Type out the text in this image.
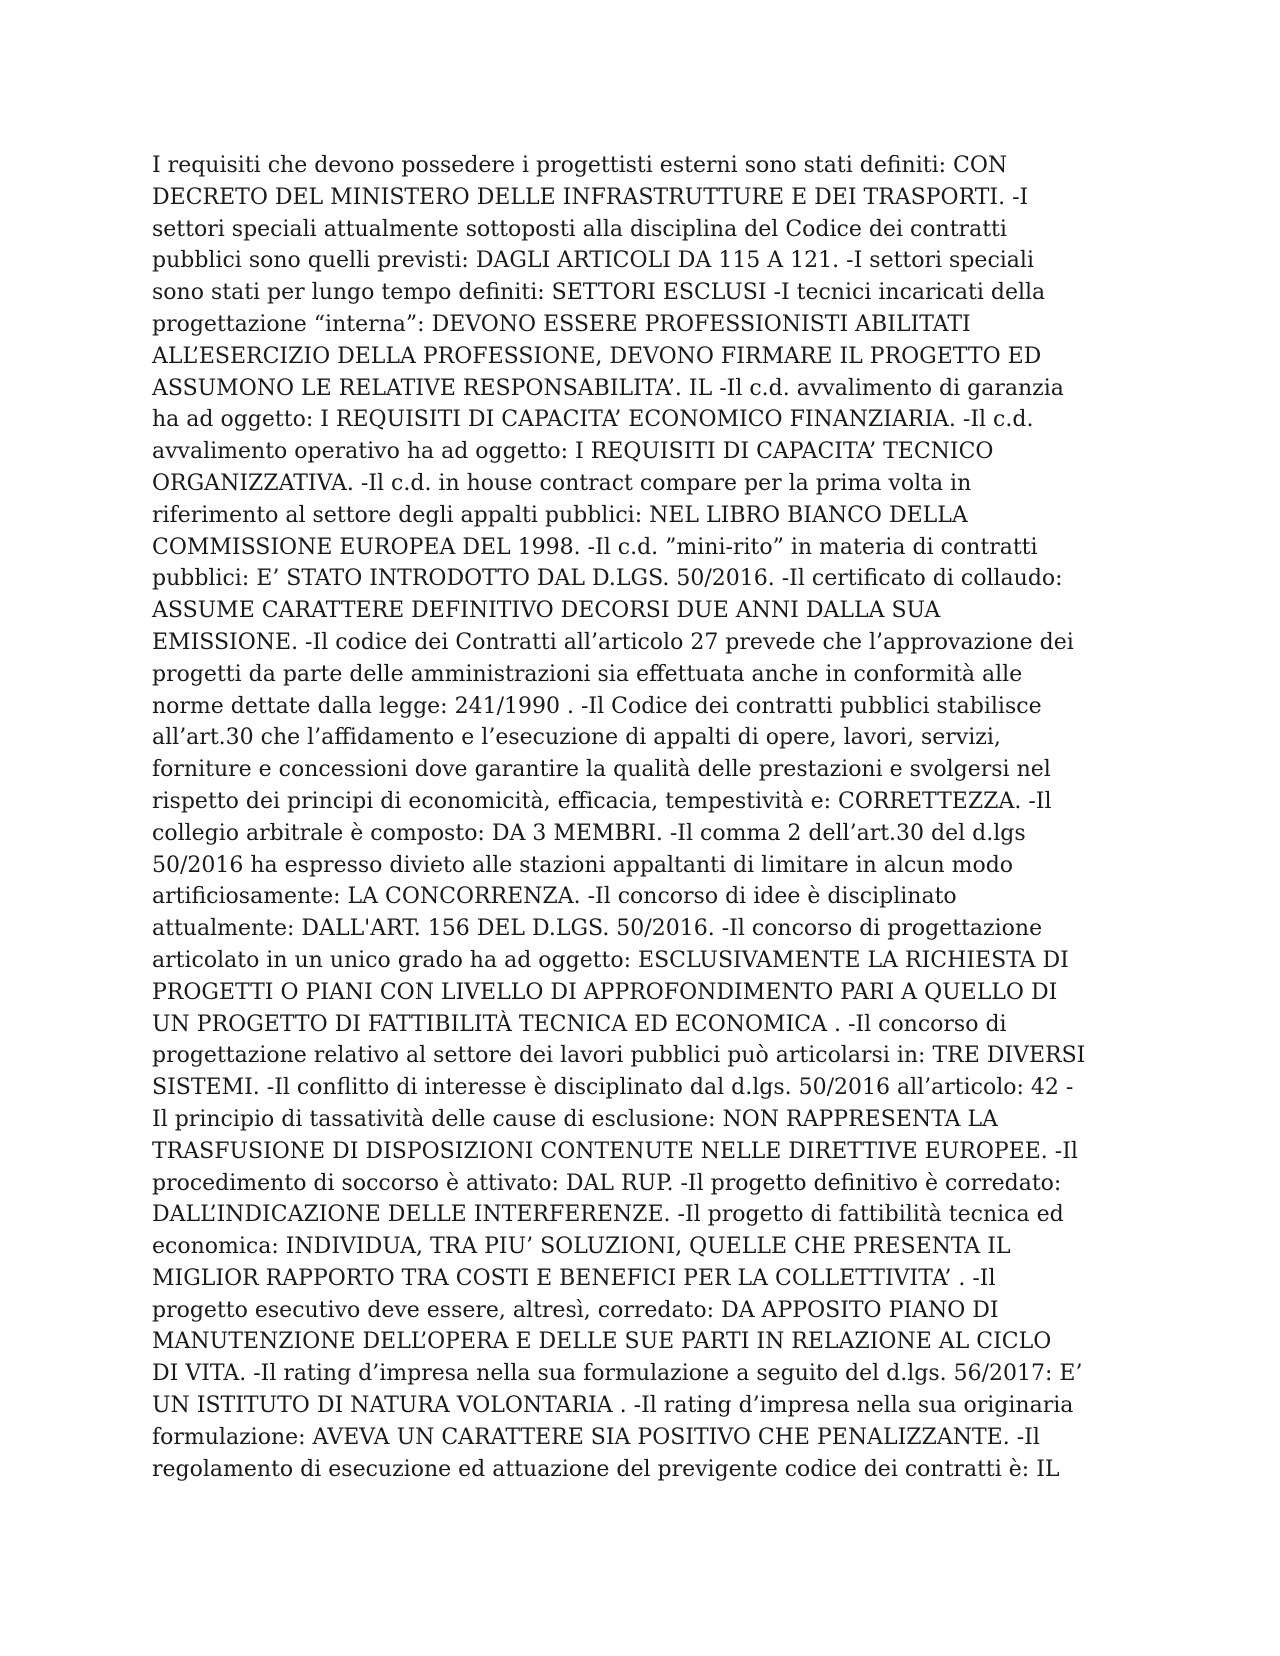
I requisiti che devono possedere i progettisti esterni sono stati definiti: CON
DECRETO DEL MINISTERO DELLE INFRASTRUTTURE E DEI TRASPORTI. -I
settori speciali attualmente sottoposti alla disciplina del Codice dei contratti
pubblici sono quelli previsti: DAGLI ARTICOLI DA 115 A 121. -I settori speciali
sono stati per lungo tempo definiti: SETTORI ESCLUSI -I tecnici incaricati della
progettazione “interna”: DEVONO ESSERE PROFESSIONISTI ABILITATI
ALL’ESERCIZIO DELLA PROFESSIONE, DEVONO FIRMARE IL PROGETTO ED
ASSUMONO LE RELATIVE RESPONSABILITA’. IL -Il c.d. avvalimento di garanzia
ha ad oggetto: I REQUISITI DI CAPACITA’ ECONOMICO FINANZIARIA. -Il c.d.
avvalimento operativo ha ad oggetto: I REQUISITI DI CAPACITA’ TECNICO
ORGANIZZATIVA. -Il c.d. in house contract compare per la prima volta in
riferimento al settore degli appalti pubblici: NEL LIBRO BIANCO DELLA
COMMISSIONE EUROPEA DEL 1998. -Il c.d. ”mini-rito” in materia di contratti
pubblici: E’ STATO INTRODOTTO DAL D.LGS. 50/2016. -Il certificato di collaudo:
ASSUME CARATTERE DEFINITIVO DECORSI DUE ANNI DALLA SUA
EMISSIONE. -Il codice dei Contratti all’articolo 27 prevede che l’approvazione dei
progetti da parte delle amministrazioni sia effettuata anche in conformità alle
norme dettate dalla legge: 241/1990 . -Il Codice dei contratti pubblici stabilisce
all’art.30 che l’affidamento e l’esecuzione di appalti di opere, lavori, servizi,
forniture e concessioni dove garantire la qualità delle prestazioni e svolgersi nel
rispetto dei principi di economicità, efficacia, tempestività e: CORRETTEZZA. -Il
collegio arbitrale è composto: DA 3 MEMBRI. -Il comma 2 dell’art.30 del d.lgs
50/2016 ha espresso divieto alle stazioni appaltanti di limitare in alcun modo
artificiosamente: LA CONCORRENZA. -Il concorso di idee è disciplinato
attualmente: DALL'ART. 156 DEL D.LGS. 50/2016. -Il concorso di progettazione
articolato in un unico grado ha ad oggetto: ESCLUSIVAMENTE LA RICHIESTA DI
PROGETTI O PIANI CON LIVELLO DI APPROFONDIMENTO PARI A QUELLO DI
UN PROGETTO DI FATTIBILITÀ TECNICA ED ECONOMICA . -Il concorso di
progettazione relativo al settore dei lavori pubblici può articolarsi in: TRE DIVERSI
SISTEMI. -Il conflitto di interesse è disciplinato dal d.lgs. 50/2016 all’articolo: 42 -
Il principio di tassatività delle cause di esclusione: NON RAPPRESENTA LA
TRASFUSIONE DI DISPOSIZIONI CONTENUTE NELLE DIRETTIVE EUROPEE. -Il
procedimento di soccorso è attivato: DAL RUP. -Il progetto definitivo è corredato:
DALL’INDICAZIONE DELLE INTERFERENZE. -Il progetto di fattibilità tecnica ed
economica: INDIVIDUA, TRA PIU’ SOLUZIONI, QUELLE CHE PRESENTA IL
MIGLIOR RAPPORTO TRA COSTI E BENEFICI PER LA COLLETTIVITA’ . -Il
progetto esecutivo deve essere, altresì, corredato: DA APPOSITO PIANO DI
MANUTENZIONE DELL’OPERA E DELLE SUE PARTI IN RELAZIONE AL CICLO
DI VITA. -Il rating d’impresa nella sua formulazione a seguito del d.lgs. 56/2017: E’
UN ISTITUTO DI NATURA VOLONTARIA . -Il rating d’impresa nella sua originaria
formulazione: AVEVA UN CARATTERE SIA POSITIVO CHE PENALIZZANTE. -Il
regolamento di esecuzione ed attuazione del previgente codice dei contratti è: IL
